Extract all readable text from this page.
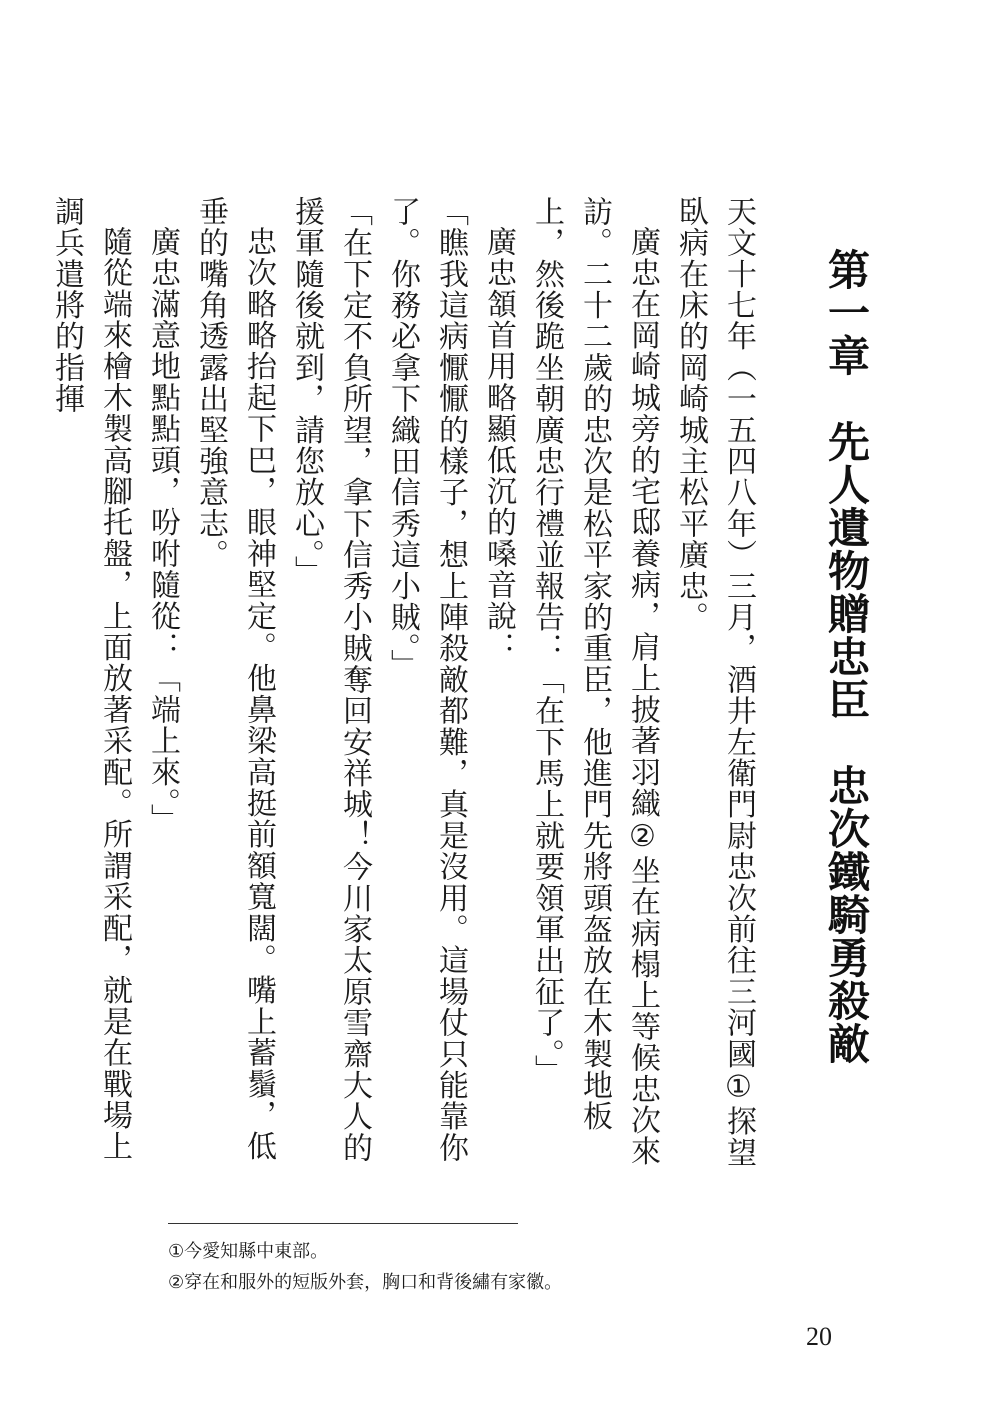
第一章　先人遺物贈忠臣　忠次鐵騎勇殺敵

天文十七年（一五四八年）三月，酒井左衛門尉忠次前往三河國①探望臥病在床的岡崎城主松平廣忠。

廣忠在岡崎城旁的宅邸養病，肩上披著羽織②坐在病榻上等候忠次來訪。二十二歲的忠次是松平家的重臣，他進門先將頭盔放在木製地板上，然後跪坐朝廣忠行禮並報告：「在下馬上就要領軍出征了。」

廣忠頷首用略顯低沉的嗓音說：

「瞧我這病懨懨的樣子，想上陣殺敵都難，真是沒用。這場仗只能靠你了。你務必拿下織田信秀這小賊。」

「在下定不負所望，拿下信秀小賊奪回安祥城！今川家太原雪齋大人的援軍隨後就到，請您放心。」

忠次略略抬起下巴，眼神堅定。他鼻梁高挺前額寬闊。嘴上蓄鬚，低垂的嘴角透露出堅強意志。

廣忠滿意地點點頭，吩咐隨從：「端上來。」

隨從端來檜木製高腳托盤，上面放著采配。所謂采配，就是在戰場上調兵遣將的指揮

①今愛知縣中東部。
②穿在和服外的短版外套，胸口和背後繡有家徽。
20
